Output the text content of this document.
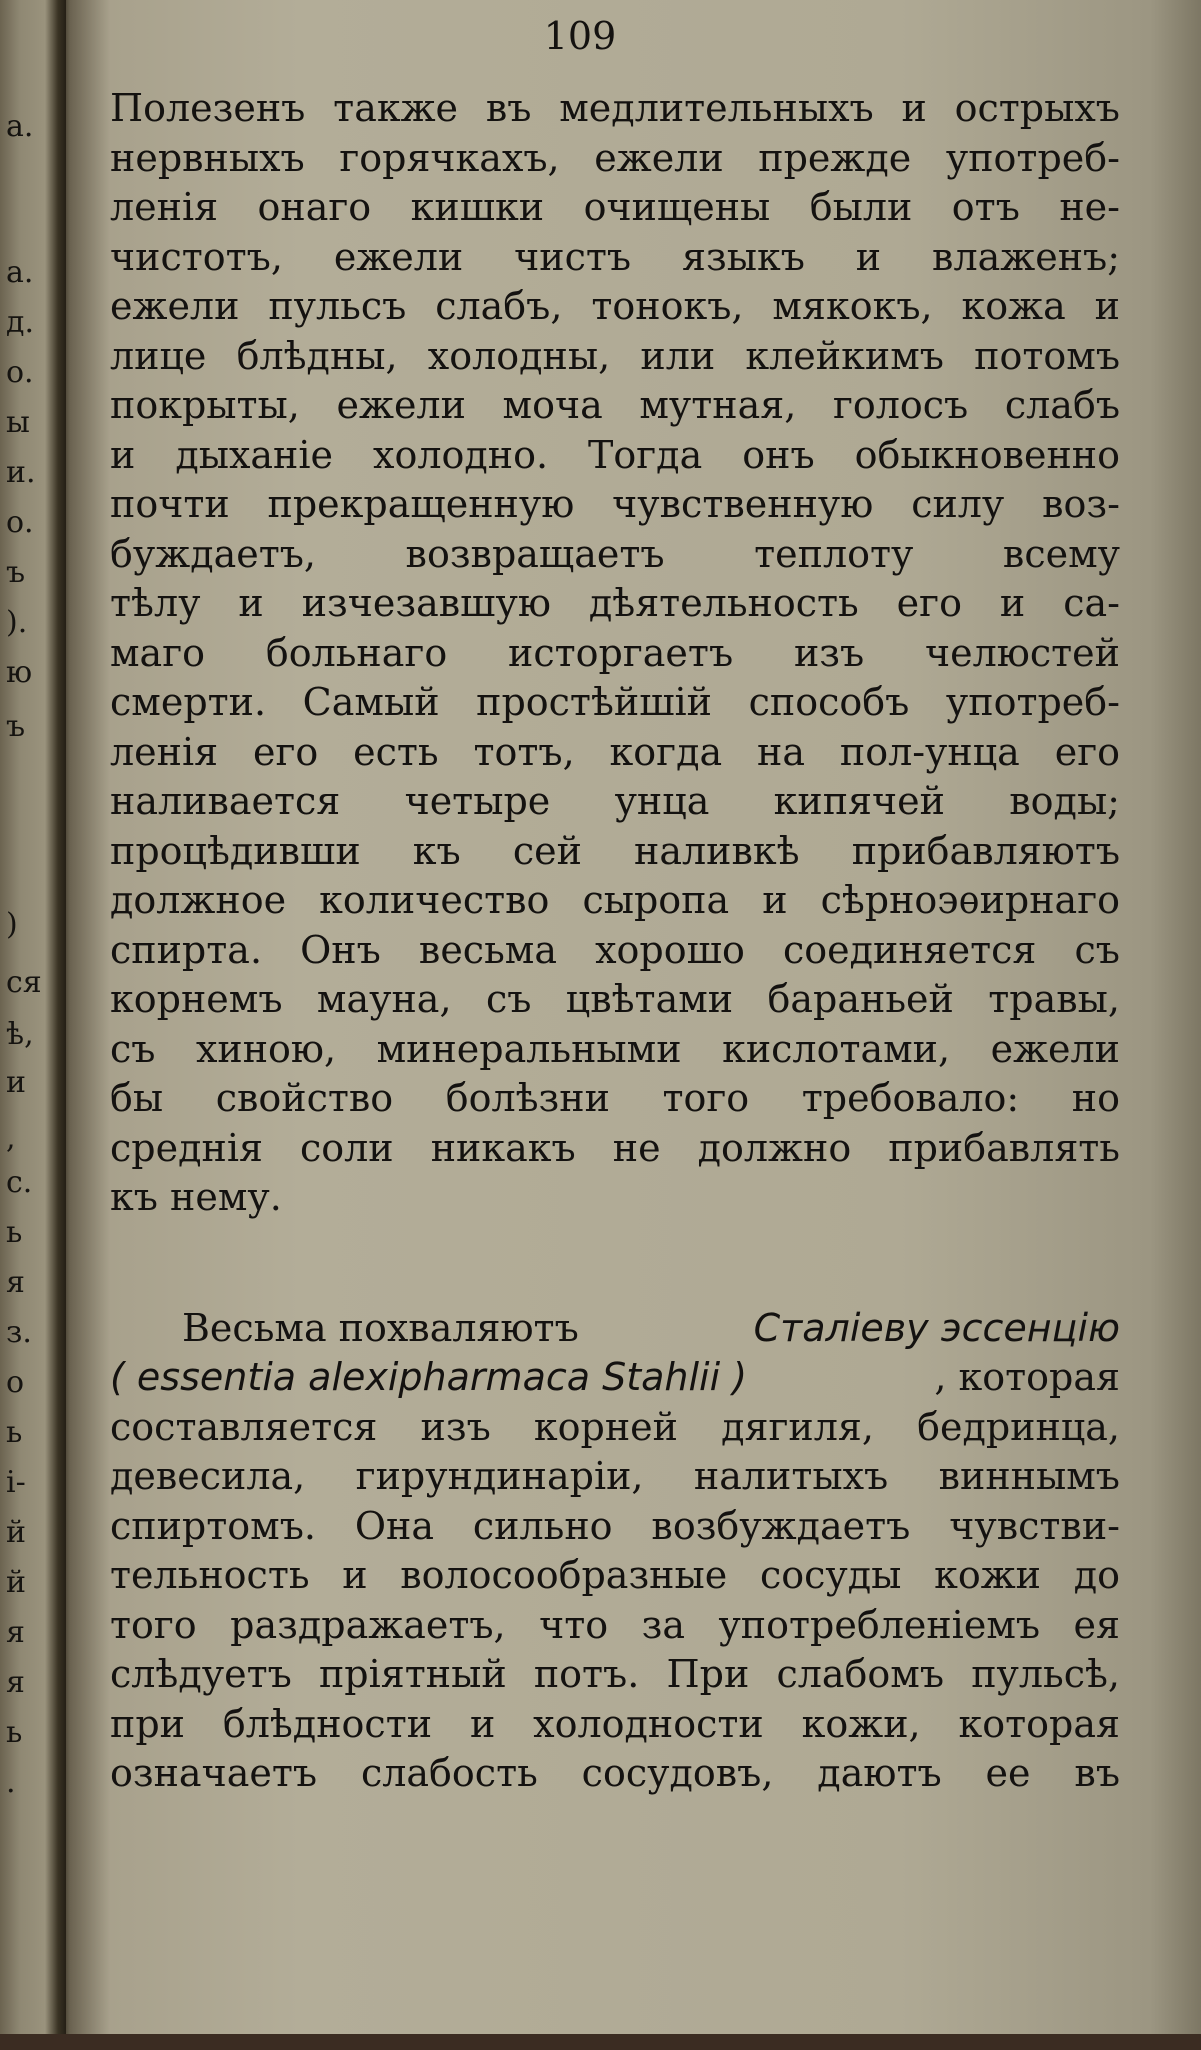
а.
а.
д.
о.
ы
и.
о.
ъ
).
ю
ъ
)
ся
ѣ,
и
,
с.
ь
я
з.
о
ь
і-
й
й
я
я
ь
.
109
Полезенъ также въ медлительныхъ и острыхъ
нервныхъ горячкахъ, ежели прежде употреб-
ленія онаго кишки очищены были отъ не-
чистотъ, ежели чистъ языкъ и влаженъ;
ежели пульсъ слабъ, тонокъ, мякокъ, кожа и
лице блѣдны, холодны, или клейкимъ потомъ
покрыты, ежели моча мутная, голосъ слабъ
и дыханіе холодно. Тогда онъ обыкновенно
почти прекращенную чувственную силу воз-
буждаетъ, возвращаетъ теплоту всему
тѣлу и изчезавшую дѣятельность его и са-
маго больнаго исторгаетъ изъ челюстей
смерти. Самый простѣйшій способъ употреб-
ленія его есть тотъ, когда на пол-унца его
наливается четыре унца кипячей воды;
процѣдивши къ сей наливкѣ прибавляютъ
должное количество сыропа и сѣрноэѳирнаго
спирта. Онъ весьма хорошо соединяется съ
корнемъ мауна, съ цвѣтами бараньей травы,
съ хиною, минеральными кислотами, ежели
бы свойство болѣзни того требовало: но
среднія соли никакъ не должно прибавлять
къ нему.
Весьма похваляютъ	Сталіеву эссенцію
( essentia alexipharmaca Stahlii )	, которая
составляется изъ корней дягиля, бедринца,
девесила, гирундинаріи, налитыхъ виннымъ
спиртомъ. Она сильно возбуждаетъ чувстви-
тельность и волосообразные сосуды кожи до
того раздражаетъ, что за употребленіемъ ея
слѣдуетъ пріятный потъ. При слабомъ пульсѣ,
при блѣдности и холодности кожи, которая
означаетъ слабость сосудовъ, даютъ ее въ
